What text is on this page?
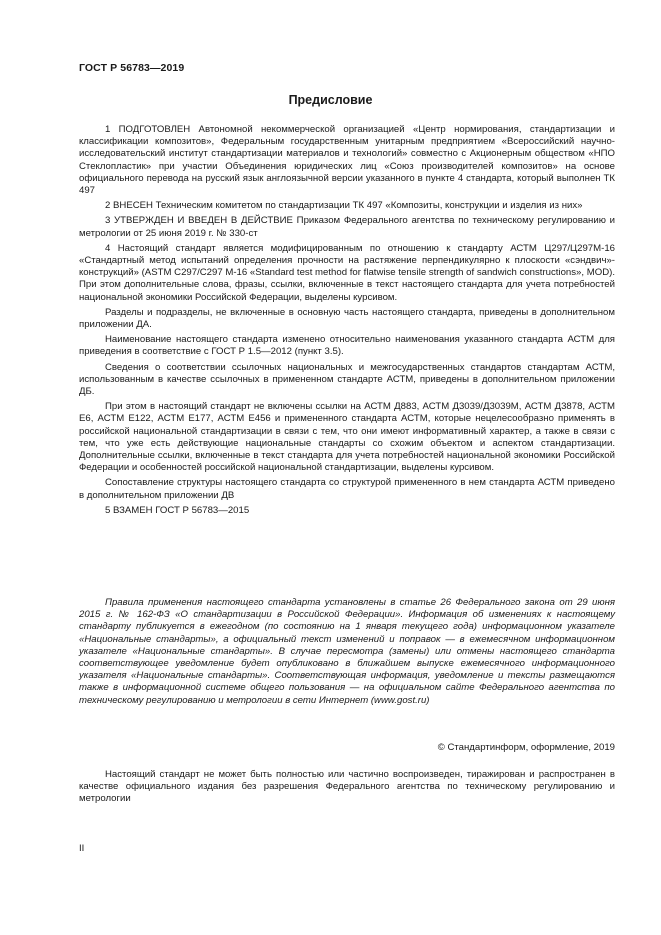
ГОСТ Р 56783—2019
Предисловие

1 ПОДГОТОВЛЕН Автономной некоммерческой организацией «Центр нормирования, стандартизации и классификации композитов», Федеральным государственным унитарным предприятием «Всероссийский научно-исследовательский институт стандартизации материалов и технологий» совместно с Акционерным обществом «НПО Стеклопластик» при участии Объединения юридических лиц «Союз производителей композитов» на основе официального перевода на русский язык англоязычной версии указанного в пункте 4 стандарта, который выполнен ТК 497

2 ВНЕСЕН Техническим комитетом по стандартизации ТК 497 «Композиты, конструкции и изделия из них»

3 УТВЕРЖДЕН И ВВЕДЕН В ДЕЙСТВИЕ Приказом Федерального агентства по техническому регулированию и метрологии от 25 июня 2019 г. № 330-ст

4 Настоящий стандарт является модифицированным по отношению к стандарту АСТМ Ц297/Ц297М-16 «Стандартный метод испытаний определения прочности на растяжение перпендикулярно к плоскости «сэндвич»-конструкций» (ASTM C297/C297 M-16 «Standard test method for flatwise tensile strength of sandwich constructions», MOD). При этом дополнительные слова, фразы, ссылки, включенные в текст настоящего стандарта для учета потребностей национальной экономики Российской Федерации, выделены курсивом.

Разделы и подразделы, не включенные в основную часть настоящего стандарта, приведены в дополнительном приложении ДА.

Наименование настоящего стандарта изменено относительно наименования указанного стандарта АСТМ для приведения в соответствие с ГОСТ Р 1.5—2012 (пункт 3.5).

Сведения о соответствии ссылочных национальных и межгосударственных стандартов стандартам АСТМ, использованным в качестве ссылочных в примененном стандарте АСТМ, приведены в дополнительном приложении ДБ.

При этом в настоящий стандарт не включены ссылки на АСТМ Д883, АСТМ Д3039/Д3039М, АСТМ Д3878, АСТМ Е6, АСТМ Е122, АСТМ Е177, АСТМ Е456 и примененного стандарта АСТМ, которые нецелесообразно применять в российской национальной стандартизации в связи с тем, что они имеют информативный характер, а также в связи с тем, что уже есть действующие национальные стандарты со схожим объектом и аспектом стандартизации. Дополнительные ссылки, включенные в текст стандарта для учета потребностей национальной экономики Российской Федерации и особенностей российской национальной стандартизации, выделены курсивом.

Сопоставление структуры настоящего стандарта со структурой примененного в нем стандарта АСТМ приведено в дополнительном приложении ДВ

5 ВЗАМЕН ГОСТ Р 56783—2015

Правила применения настоящего стандарта установлены в статье 26 Федерального закона от 29 июня 2015 г. № 162-ФЗ «О стандартизации в Российской Федерации». Информация об изменениях к настоящему стандарту публикуется в ежегодном (по состоянию на 1 января текущего года) информационном указателе «Национальные стандарты», а официальный текст изменений и поправок — в ежемесячном информационном указателе «Национальные стандарты». В случае пересмотра (замены) или отмены настоящего стандарта соответствующее уведомление будет опубликовано в ближайшем выпуске ежемесячного информационного указателя «Национальные стандарты». Соответствующая информация, уведомление и тексты размещаются также в информационной системе общего пользования — на официальном сайте Федерального агентства по техническому регулированию и метрологии в сети Интернет (www.gost.ru)

© Стандартинформ, оформление, 2019

Настоящий стандарт не может быть полностью или частично воспроизведен, тиражирован и распространен в качестве официального издания без разрешения Федерального агентства по техническому регулированию и метрологии

II
